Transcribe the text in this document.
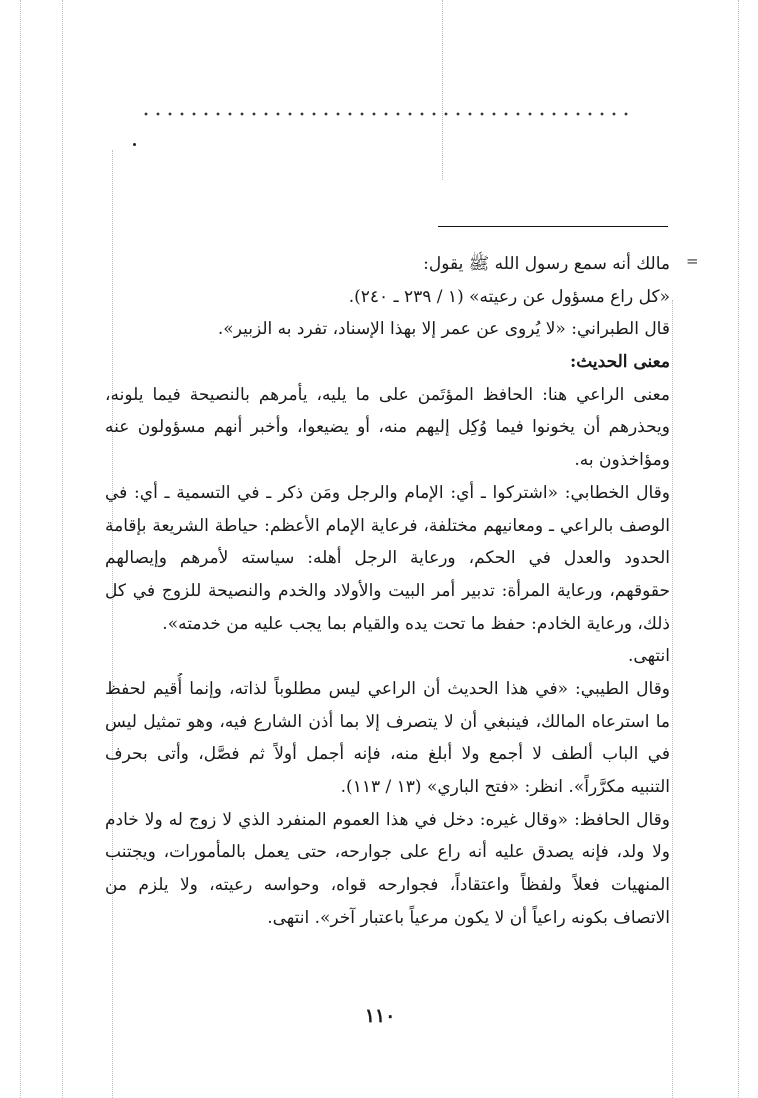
=
مالك أنه سمع رسول الله ﷺ يقول:
«كل راع مسؤول عن رعيته» (١ / ٢٣٩ ـ ٢٤٠).
قال الطبراني: «لا يُروى عن عمر إلا بهذا الإسناد، تفرد به الزبير».
معنى الحديث:
معنى الراعي هنا: الحافظ المؤتَمن على ما يليه، يأمرهم بالنصيحة فيما يلونه،
ويحذرهم أن يخونوا فيما وُكِل إليهم منه، أو يضيعوا، وأخبر أنهم مسؤولون عنه
ومؤاخذون به.
وقال الخطابي: «اشتركوا ـ أي: الإمام والرجل ومَن ذكر ـ في التسمية ـ أي: في
الوصف بالراعي ـ ومعانيهم مختلفة، فرعاية الإمام الأعظم: حياطة الشريعة بإقامة
الحدود والعدل في الحكم، ورعاية الرجل أهله: سياسته لأمرهم وإيصالهم
حقوقهم، ورعاية المرأة: تدبير أمر البيت والأولاد والخدم والنصيحة للزوج في كل
ذلك، ورعاية الخادم: حفظ ما تحت يده والقيام بما يجب عليه من خدمته».
انتهى.
وقال الطيبي: «في هذا الحديث أن الراعي ليس مطلوباً لذاته، وإنما أُقيم لحفظ
ما استرعاه المالك، فينبغي أن لا يتصرف إلا بما أذن الشارع فيه، وهو تمثيل ليس
في الباب ألطف لا أجمع ولا أبلغ منه، فإنه أجمل أولاً ثم فصَّل، وأتى بحرف
التنبيه مكرَّراً». انظر: «فتح الباري» (١٣ / ١١٣).
وقال الحافظ: «وقال غيره: دخل في هذا العموم المنفرد الذي لا زوج له ولا خادم
ولا ولد، فإنه يصدق عليه أنه راع على جوارحه، حتى يعمل بالمأمورات، ويجتنب
المنهيات فعلاً ولفظاً واعتقاداً، فجوارحه قواه، وحواسه رعيته، ولا يلزم من
الاتصاف بكونه راعياً أن لا يكون مرعياً باعتبار آخر». انتهى.
١١٠
